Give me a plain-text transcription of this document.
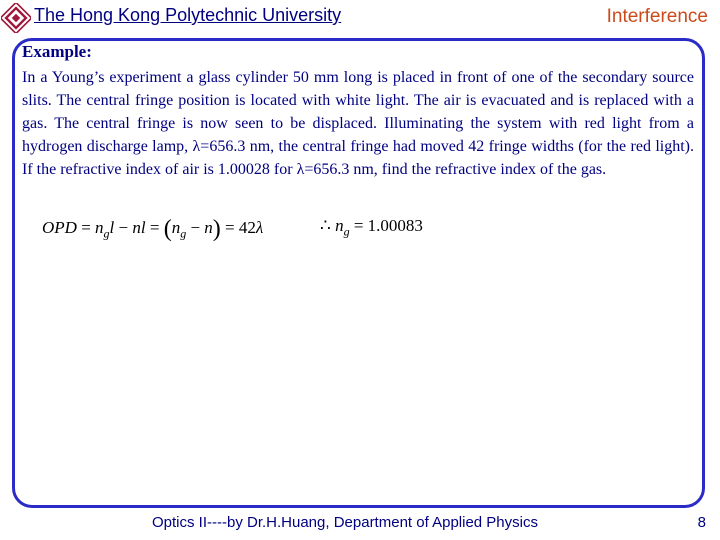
The Hong Kong Polytechnic University	Interference
Example:
In a Young’s experiment a glass cylinder 50 mm long is placed in front of one of the secondary source slits. The central fringe position is located with white light. The air is evacuated and is replaced with a gas. The central fringe is now seen to be displaced. Illuminating the system with red light from a hydrogen discharge lamp, λ=656.3 nm, the central fringe had moved 42 fringe widths (for the red light). If the refractive index of air is 1.00028 for λ=656.3 nm, find the refractive index of the gas.
OPD = $n_gl$ − nl = $(n_g - n) = 42\lambda$	∴ $n_g = 1.00083$
Optics II----by Dr.H.Huang, Department of Applied Physics	8
